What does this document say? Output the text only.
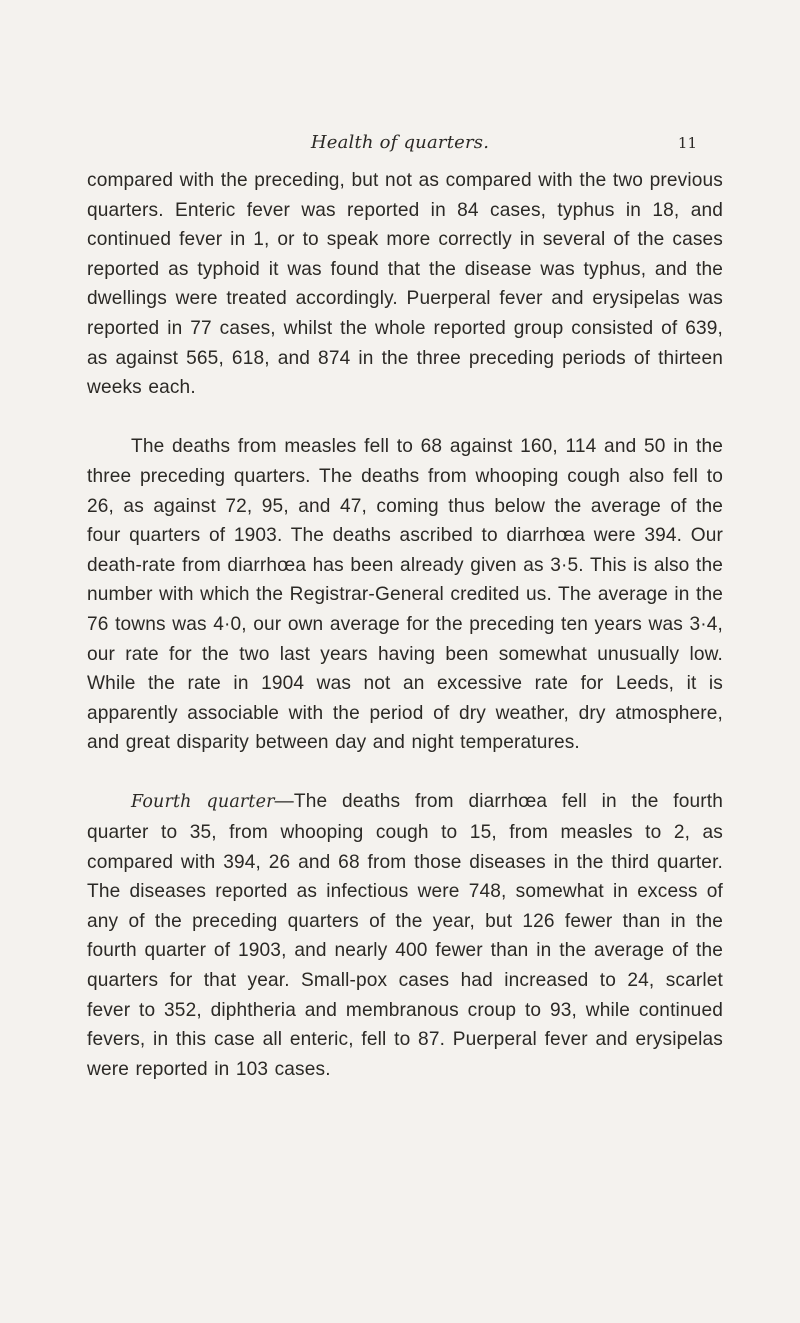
Health of quarters.	11

compared with the preceding, but not as compared with the two previous quarters. Enteric fever was reported in 84 cases, typhus in 18, and continued fever in 1, or to speak more correctly in several of the cases reported as typhoid it was found that the disease was typhus, and the dwellings were treated accordingly. Puerperal fever and erysipelas was reported in 77 cases, whilst the whole reported group consisted of 639, as against 565, 618, and 874 in the three preceding periods of thirteen weeks each.

The deaths from measles fell to 68 against 160, 114 and 50 in the three preceding quarters. The deaths from whooping cough also fell to 26, as against 72, 95, and 47, coming thus below the average of the four quarters of 1903. The deaths ascribed to diarrhœa were 394. Our death-rate from diarrhœa has been already given as 3·5. This is also the number with which the Registrar-General credited us. The average in the 76 towns was 4·0, our own average for the preceding ten years was 3·4, our rate for the two last years having been somewhat unusually low. While the rate in 1904 was not an excessive rate for Leeds, it is apparently associable with the period of dry weather, dry atmosphere, and great disparity between day and night temperatures.

Fourth quarter—The deaths from diarrhœa fell in the fourth quarter to 35, from whooping cough to 15, from measles to 2, as compared with 394, 26 and 68 from those diseases in the third quarter. The diseases reported as infectious were 748, somewhat in excess of any of the preceding quarters of the year, but 126 fewer than in the fourth quarter of 1903, and nearly 400 fewer than in the average of the quarters for that year. Small-pox cases had increased to 24, scarlet fever to 352, diphtheria and membranous croup to 93, while continued fevers, in this case all enteric, fell to 87. Puerperal fever and erysipelas were reported in 103 cases.
